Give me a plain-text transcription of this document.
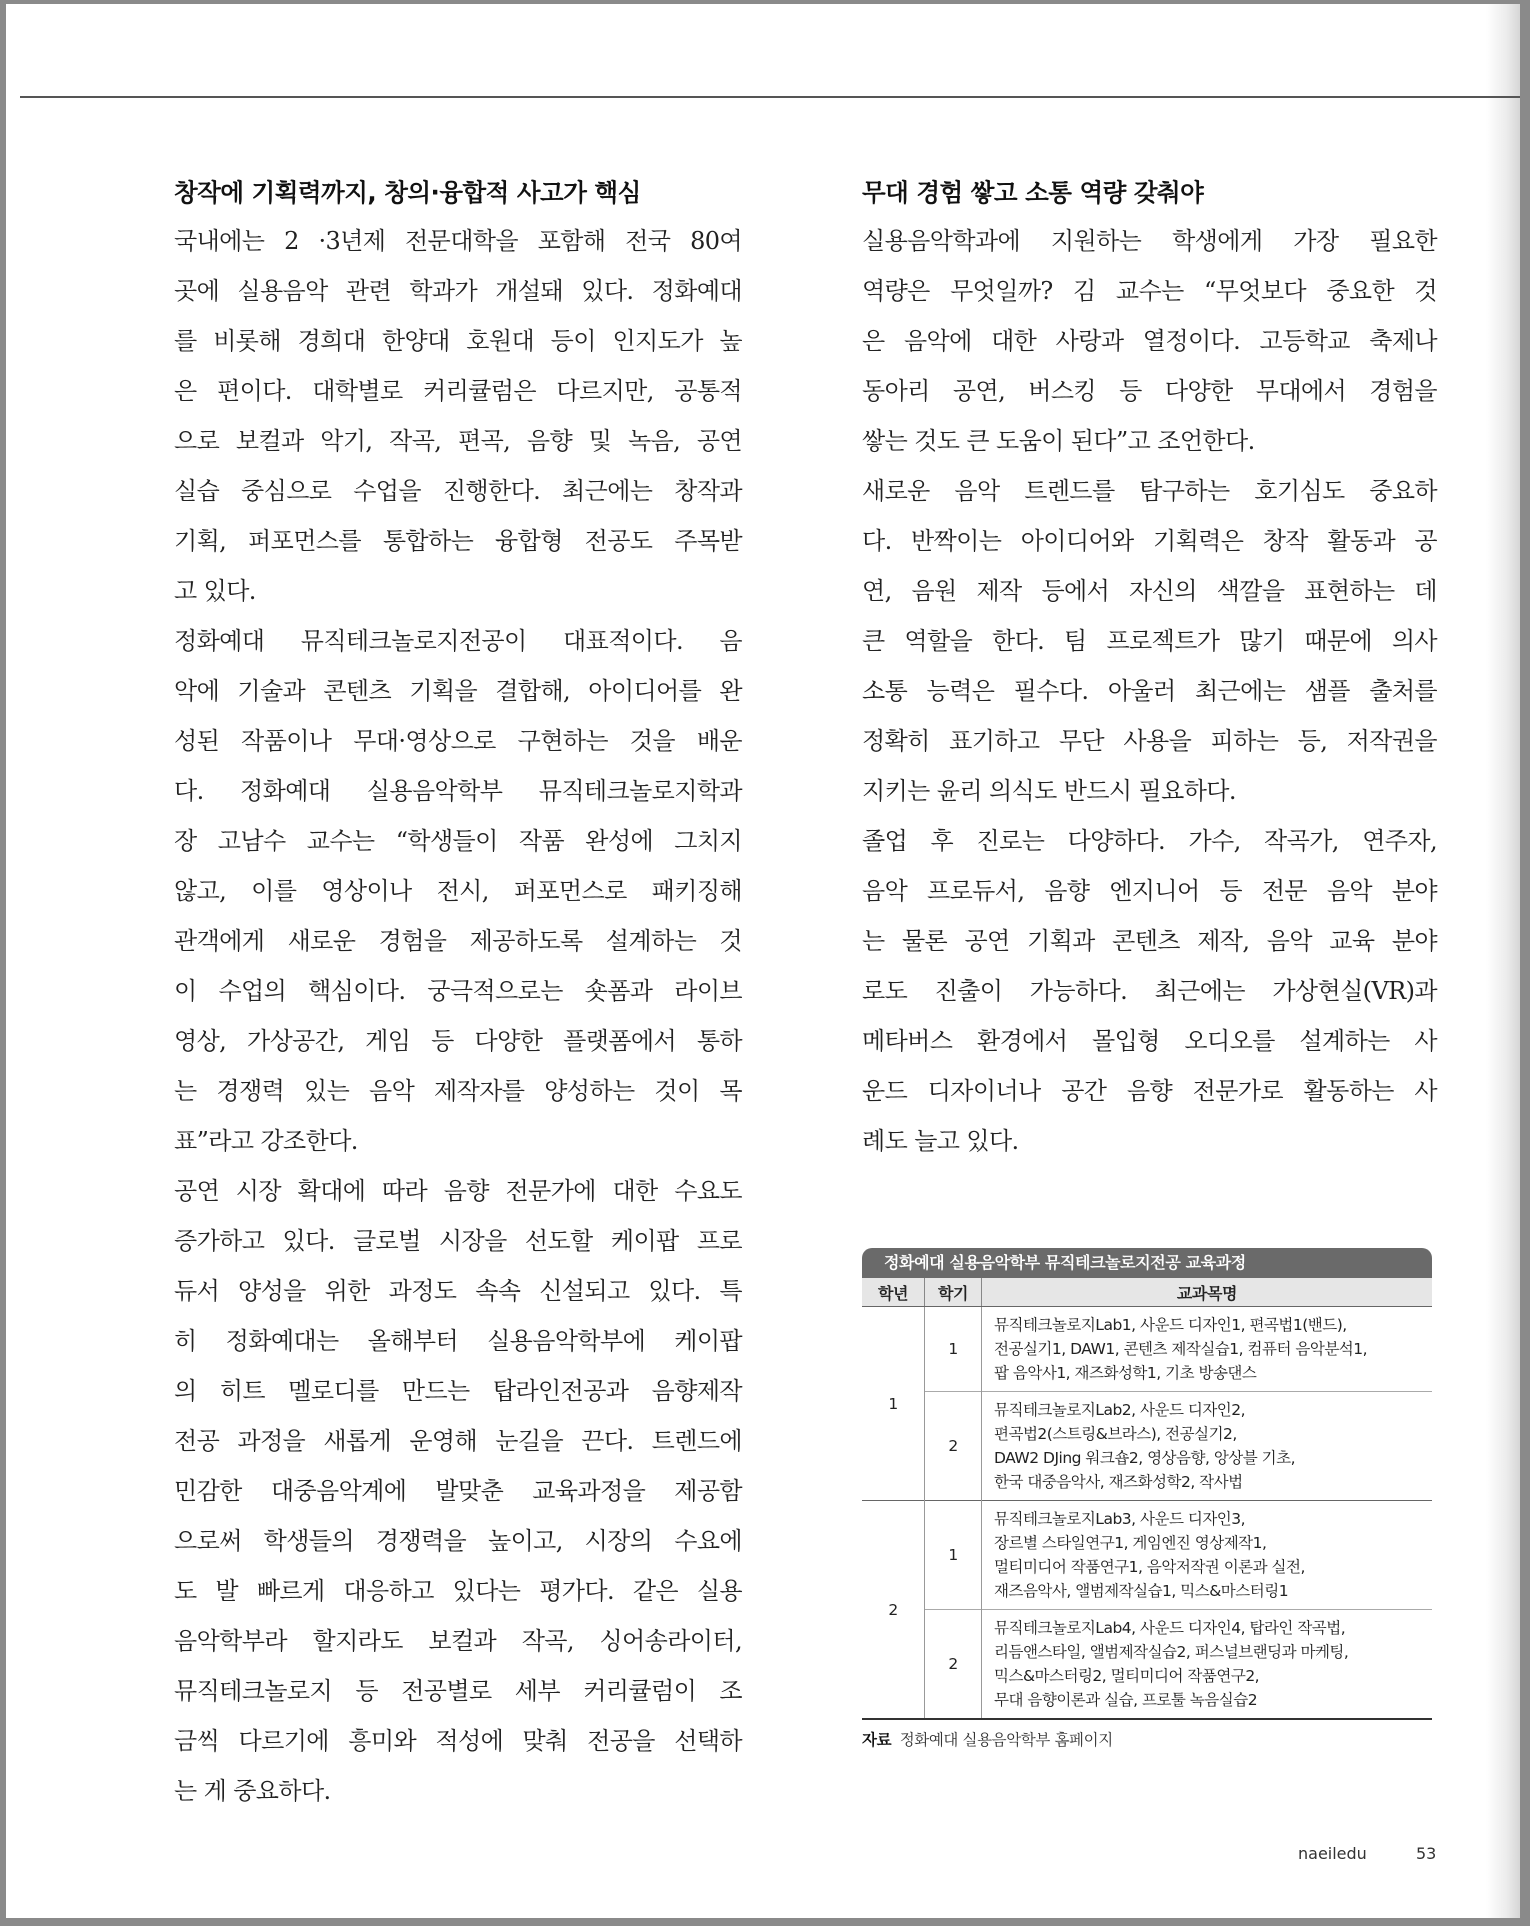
창작에 기획력까지, 창의·융합적 사고가 핵심

국내에는 2 ·3년제 전문대학을 포함해 전국 80여
곳에 실용음악 관련 학과가 개설돼 있다. 정화예대
를 비롯해 경희대 한양대 호원대 등이 인지도가 높
은 편이다. 대학별로 커리큘럼은 다르지만, 공통적
으로 보컬과 악기, 작곡, 편곡, 음향 및 녹음, 공연
실습 중심으로 수업을 진행한다. 최근에는 창작과
기획, 퍼포먼스를 통합하는 융합형 전공도 주목받
고 있다.

정화예대 뮤직테크놀로지전공이 대표적이다. 음
악에 기술과 콘텐츠 기획을 결합해, 아이디어를 완
성된 작품이나 무대·영상으로 구현하는 것을 배운
다. 정화예대 실용음악학부 뮤직테크놀로지학과
장 고남수 교수는 “학생들이 작품 완성에 그치지
않고, 이를 영상이나 전시, 퍼포먼스로 패키징해
관객에게 새로운 경험을 제공하도록 설계하는 것
이 수업의 핵심이다. 궁극적으로는 숏폼과 라이브
영상, 가상공간, 게임 등 다양한 플랫폼에서 통하
는 경쟁력 있는 음악 제작자를 양성하는 것이 목
표”라고 강조한다.

공연 시장 확대에 따라 음향 전문가에 대한 수요도
증가하고 있다. 글로벌 시장을 선도할 케이팝 프로
듀서 양성을 위한 과정도 속속 신설되고 있다. 특
히 정화예대는 올해부터 실용음악학부에 케이팝
의 히트 멜로디를 만드는 탑라인전공과 음향제작
전공 과정을 새롭게 운영해 눈길을 끈다. 트렌드에
민감한 대중음악계에 발맞춘 교육과정을 제공함
으로써 학생들의 경쟁력을 높이고, 시장의 수요에
도 발 빠르게 대응하고 있다는 평가다. 같은 실용
음악학부라 할지라도 보컬과 작곡, 싱어송라이터,
뮤직테크놀로지 등 전공별로 세부 커리큘럼이 조
금씩 다르기에 흥미와 적성에 맞춰 전공을 선택하
는 게 중요하다.

무대 경험 쌓고 소통 역량 갖춰야

실용음악학과에 지원하는 학생에게 가장 필요한
역량은 무엇일까? 김 교수는 “무엇보다 중요한 것
은 음악에 대한 사랑과 열정이다. 고등학교 축제나
동아리 공연, 버스킹 등 다양한 무대에서 경험을
쌓는 것도 큰 도움이 된다”고 조언한다.

새로운 음악 트렌드를 탐구하는 호기심도 중요하
다. 반짝이는 아이디어와 기획력은 창작 활동과 공
연, 음원 제작 등에서 자신의 색깔을 표현하는 데
큰 역할을 한다. 팀 프로젝트가 많기 때문에 의사
소통 능력은 필수다. 아울러 최근에는 샘플 출처를
정확히 표기하고 무단 사용을 피하는 등, 저작권을
지키는 윤리 의식도 반드시 필요하다.

졸업 후 진로는 다양하다. 가수, 작곡가, 연주자,
음악 프로듀서, 음향 엔지니어 등 전문 음악 분야
는 물론 공연 기획과 콘텐츠 제작, 음악 교육 분야
로도 진출이 가능하다. 최근에는 가상현실(VR)과
메타버스 환경에서 몰입형 오디오를 설계하는 사
운드 디자이너나 공간 음향 전문가로 활동하는 사
례도 늘고 있다.

정화예대 실용음악학부 뮤직테크놀로지전공 교육과정
학년	학기	교과목명
1	1	뮤직테크놀로지Lab1, 사운드 디자인1, 편곡법1(밴드),
전공실기1, DAW1, 콘텐츠 제작실습1, 컴퓨터 음악분석1,
팝 음악사1, 재즈화성학1, 기초 방송댄스

	2	뮤직테크놀로지Lab2, 사운드 디자인2,
편곡법2(스트링&브라스), 전공실기2,
DAW2 DJing 워크숍2, 영상음향, 앙상블 기초,
한국 대중음악사, 재즈화성학2, 작사법

2	1	뮤직테크놀로지Lab3, 사운드 디자인3,
장르별 스타일연구1, 게임엔진 영상제작1,
멀티미디어 작품연구1, 음악저작권 이론과 실전,
재즈음악사, 앨범제작실습1, 믹스&마스터링1

	2	뮤직테크놀로지Lab4, 사운드 디자인4, 탑라인 작곡법,
리듬앤스타일, 앨범제작실습2, 퍼스널브랜딩과 마케팅,
믹스&마스터링2, 멀티미디어 작품연구2,
무대 음향이론과 실습, 프로툴 녹음실습2
자료 정화예대 실용음악학부 홈페이지
naeiledu	53
